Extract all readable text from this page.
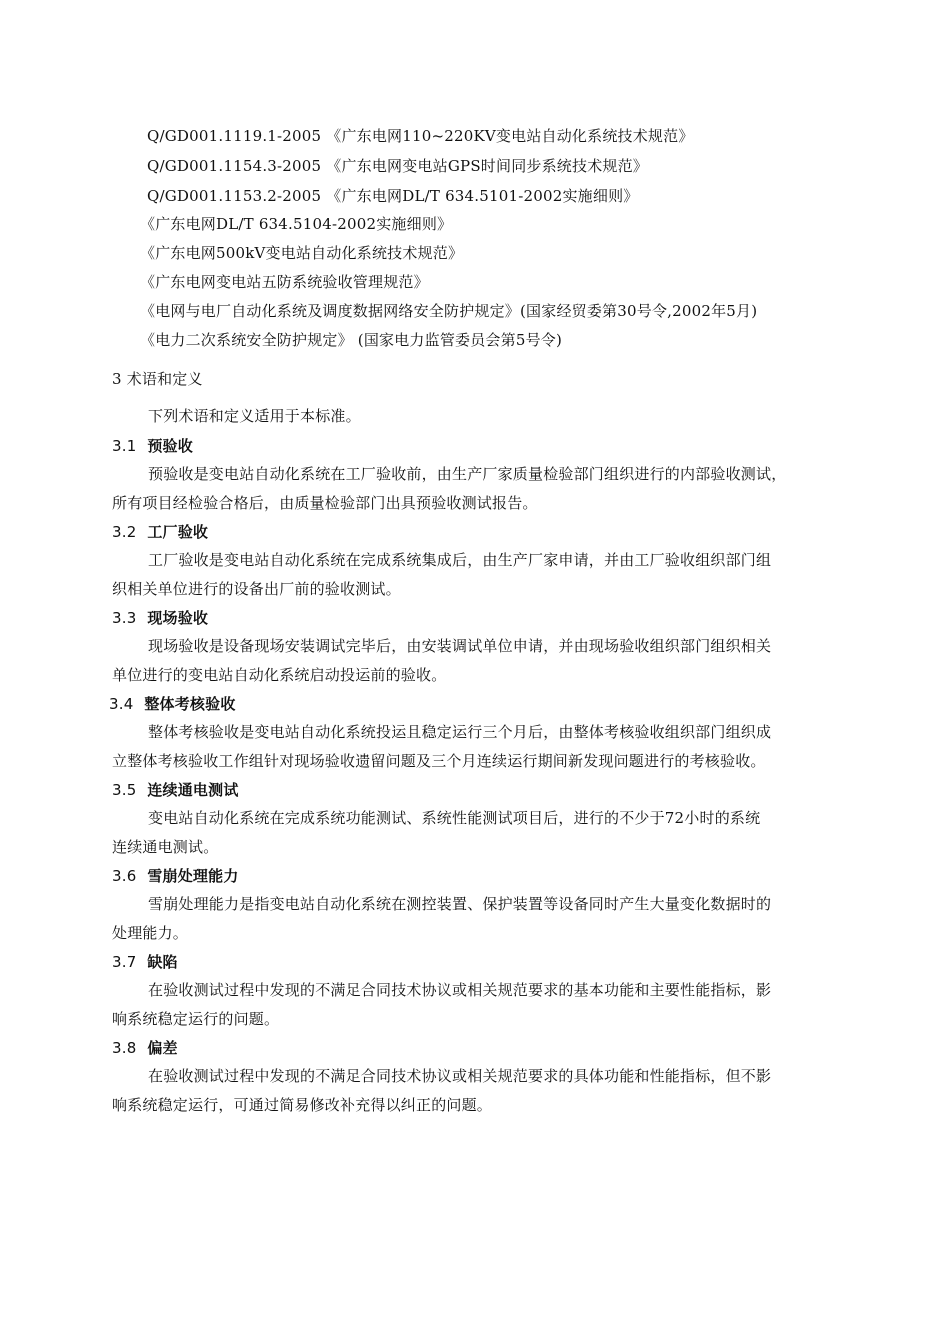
Q/GD001.1119.1-2005 《广东电网110~220KV变电站自动化系统技术规范》
Q/GD001.1154.3-2005 《广东电网变电站GPS时间同步系统技术规范》
Q/GD001.1153.2-2005 《广东电网DL/T 634.5101-2002实施细则》
《广东电网DL/T 634.5104-2002实施细则》
《广东电网500kV变电站自动化系统技术规范》
《广东电网变电站五防系统验收管理规范》
《电网与电厂自动化系统及调度数据网络安全防护规定》(国家经贸委第30号令,2002年5月)
《电力二次系统安全防护规定》 (国家电力监管委员会第5号令)
3 术语和定义
下列术语和定义适用于本标准。
3.1 预验收
预验收是变电站自动化系统在工厂验收前，由生产厂家质量检验部门组织进行的内部验收测试，
所有项目经检验合格后，由质量检验部门出具预验收测试报告。
3.2 工厂验收
工厂验收是变电站自动化系统在完成系统集成后，由生产厂家申请，并由工厂验收组织部门组
织相关单位进行的设备出厂前的验收测试。
3.3 现场验收
现场验收是设备现场安装调试完毕后，由安装调试单位申请，并由现场验收组织部门组织相关
单位进行的变电站自动化系统启动投运前的验收。
3.4 整体考核验收
整体考核验收是变电站自动化系统投运且稳定运行三个月后，由整体考核验收组织部门组织成
立整体考核验收工作组针对现场验收遗留问题及三个月连续运行期间新发现问题进行的考核验收。
3.5 连续通电测试
变电站自动化系统在完成系统功能测试、系统性能测试项目后，进行的不少于72小时的系统
连续通电测试。
3.6 雪崩处理能力
雪崩处理能力是指变电站自动化系统在测控装置、保护装置等设备同时产生大量变化数据时的
处理能力。
3.7 缺陷
在验收测试过程中发现的不满足合同技术协议或相关规范要求的基本功能和主要性能指标，影
响系统稳定运行的问题。
3.8 偏差
在验收测试过程中发现的不满足合同技术协议或相关规范要求的具体功能和性能指标，但不影
响系统稳定运行，可通过简易修改补充得以纠正的问题。
